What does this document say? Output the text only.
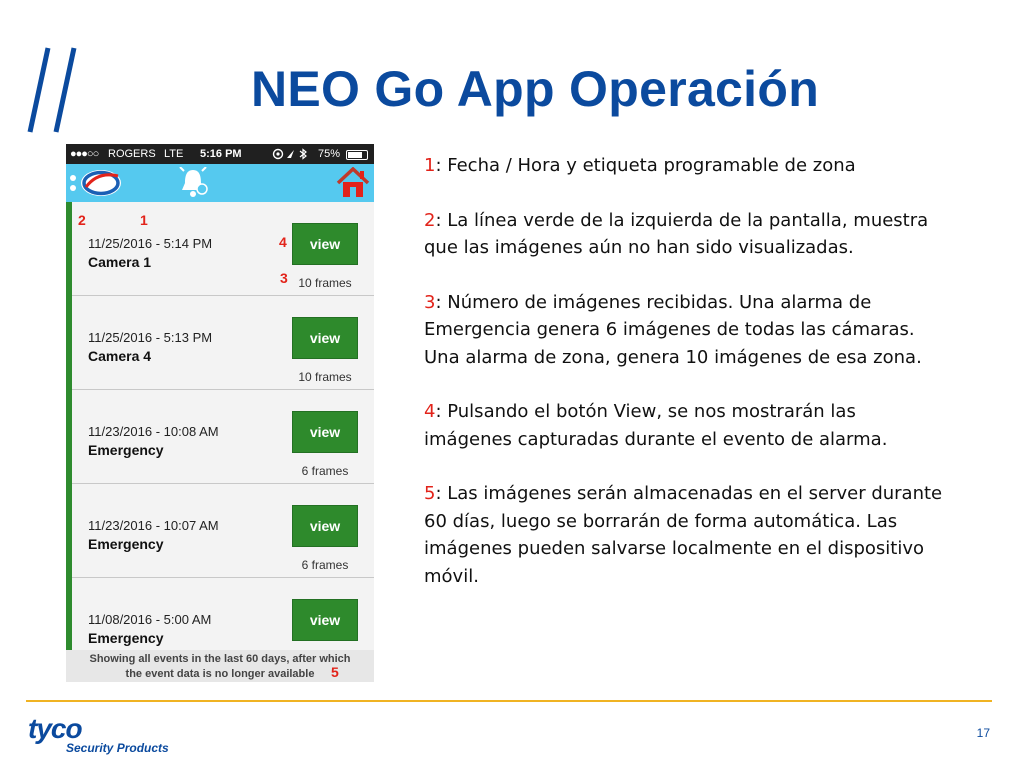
NEO Go App Operación
●●●○○ ROGERS LTE 5:16 PM	75%
11/25/2016 - 5:14 PM
Camera 1
view
10 frames
11/25/2016 - 5:13 PM
Camera 4
view
10 frames
11/23/2016 - 10:08 AM
Emergency
view
6 frames
11/23/2016 - 10:07 AM
Emergency
view
6 frames
11/08/2016 - 5:00 AM
Emergency
view
Showing all events in the last 60 days, after which
the event data is no longer available
2	1
4
3
5

1: Fecha / Hora y etiqueta programable de zona

2: La línea verde de la izquierda de la pantalla, muestra que las imágenes aún no han sido visualizadas.

3: Número de imágenes recibidas. Una alarma de Emergencia genera 6 imágenes de todas las cámaras. Una alarma de zona, genera 10 imágenes de esa zona.

4: Pulsando el botón View, se nos mostrarán las imágenes capturadas durante el evento de alarma.

5: Las imágenes serán almacenadas en el server durante 60 días, luego se borrarán de forma automática. Las imágenes pueden salvarse localmente en el dispositivo móvil.

tyco
Security Products
17
